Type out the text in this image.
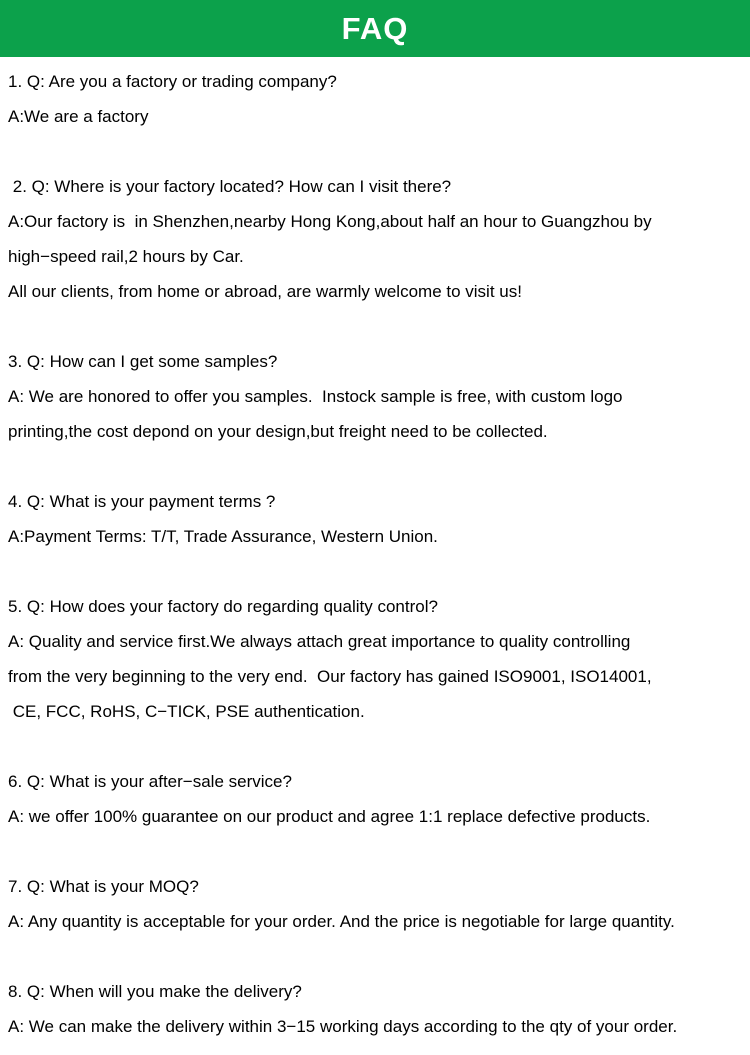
FAQ

1. Q: Are you a factory or trading company?

A:We are a factory

2. Q: Where is your factory located? How can I visit there?

A:Our factory is  in Shenzhen,nearby Hong Kong,about half an hour to Guangzhou by

high−speed rail,2 hours by Car.

All our clients, from home or abroad, are warmly welcome to visit us!

3. Q: How can I get some samples?

A: We are honored to offer you samples.  Instock sample is free, with custom logo

printing,the cost depond on your design,but freight need to be collected.

4. Q: What is your payment terms ?

A:Payment Terms: T/T, Trade Assurance, Western Union.

5. Q: How does your factory do regarding quality control?

A: Quality and service first.We always attach great importance to quality controlling

from the very beginning to the very end.  Our factory has gained ISO9001, ISO14001,

CE, FCC, RoHS, C−TICK, PSE authentication.

6. Q: What is your after−sale service?

A: we offer 100% guarantee on our product and agree 1:1 replace defective products.

7. Q: What is your MOQ?

A: Any quantity is acceptable for your order. And the price is negotiable for large quantity.

8. Q: When will you make the delivery?

A: We can make the delivery within 3−15 working days according to the qty of your order.
